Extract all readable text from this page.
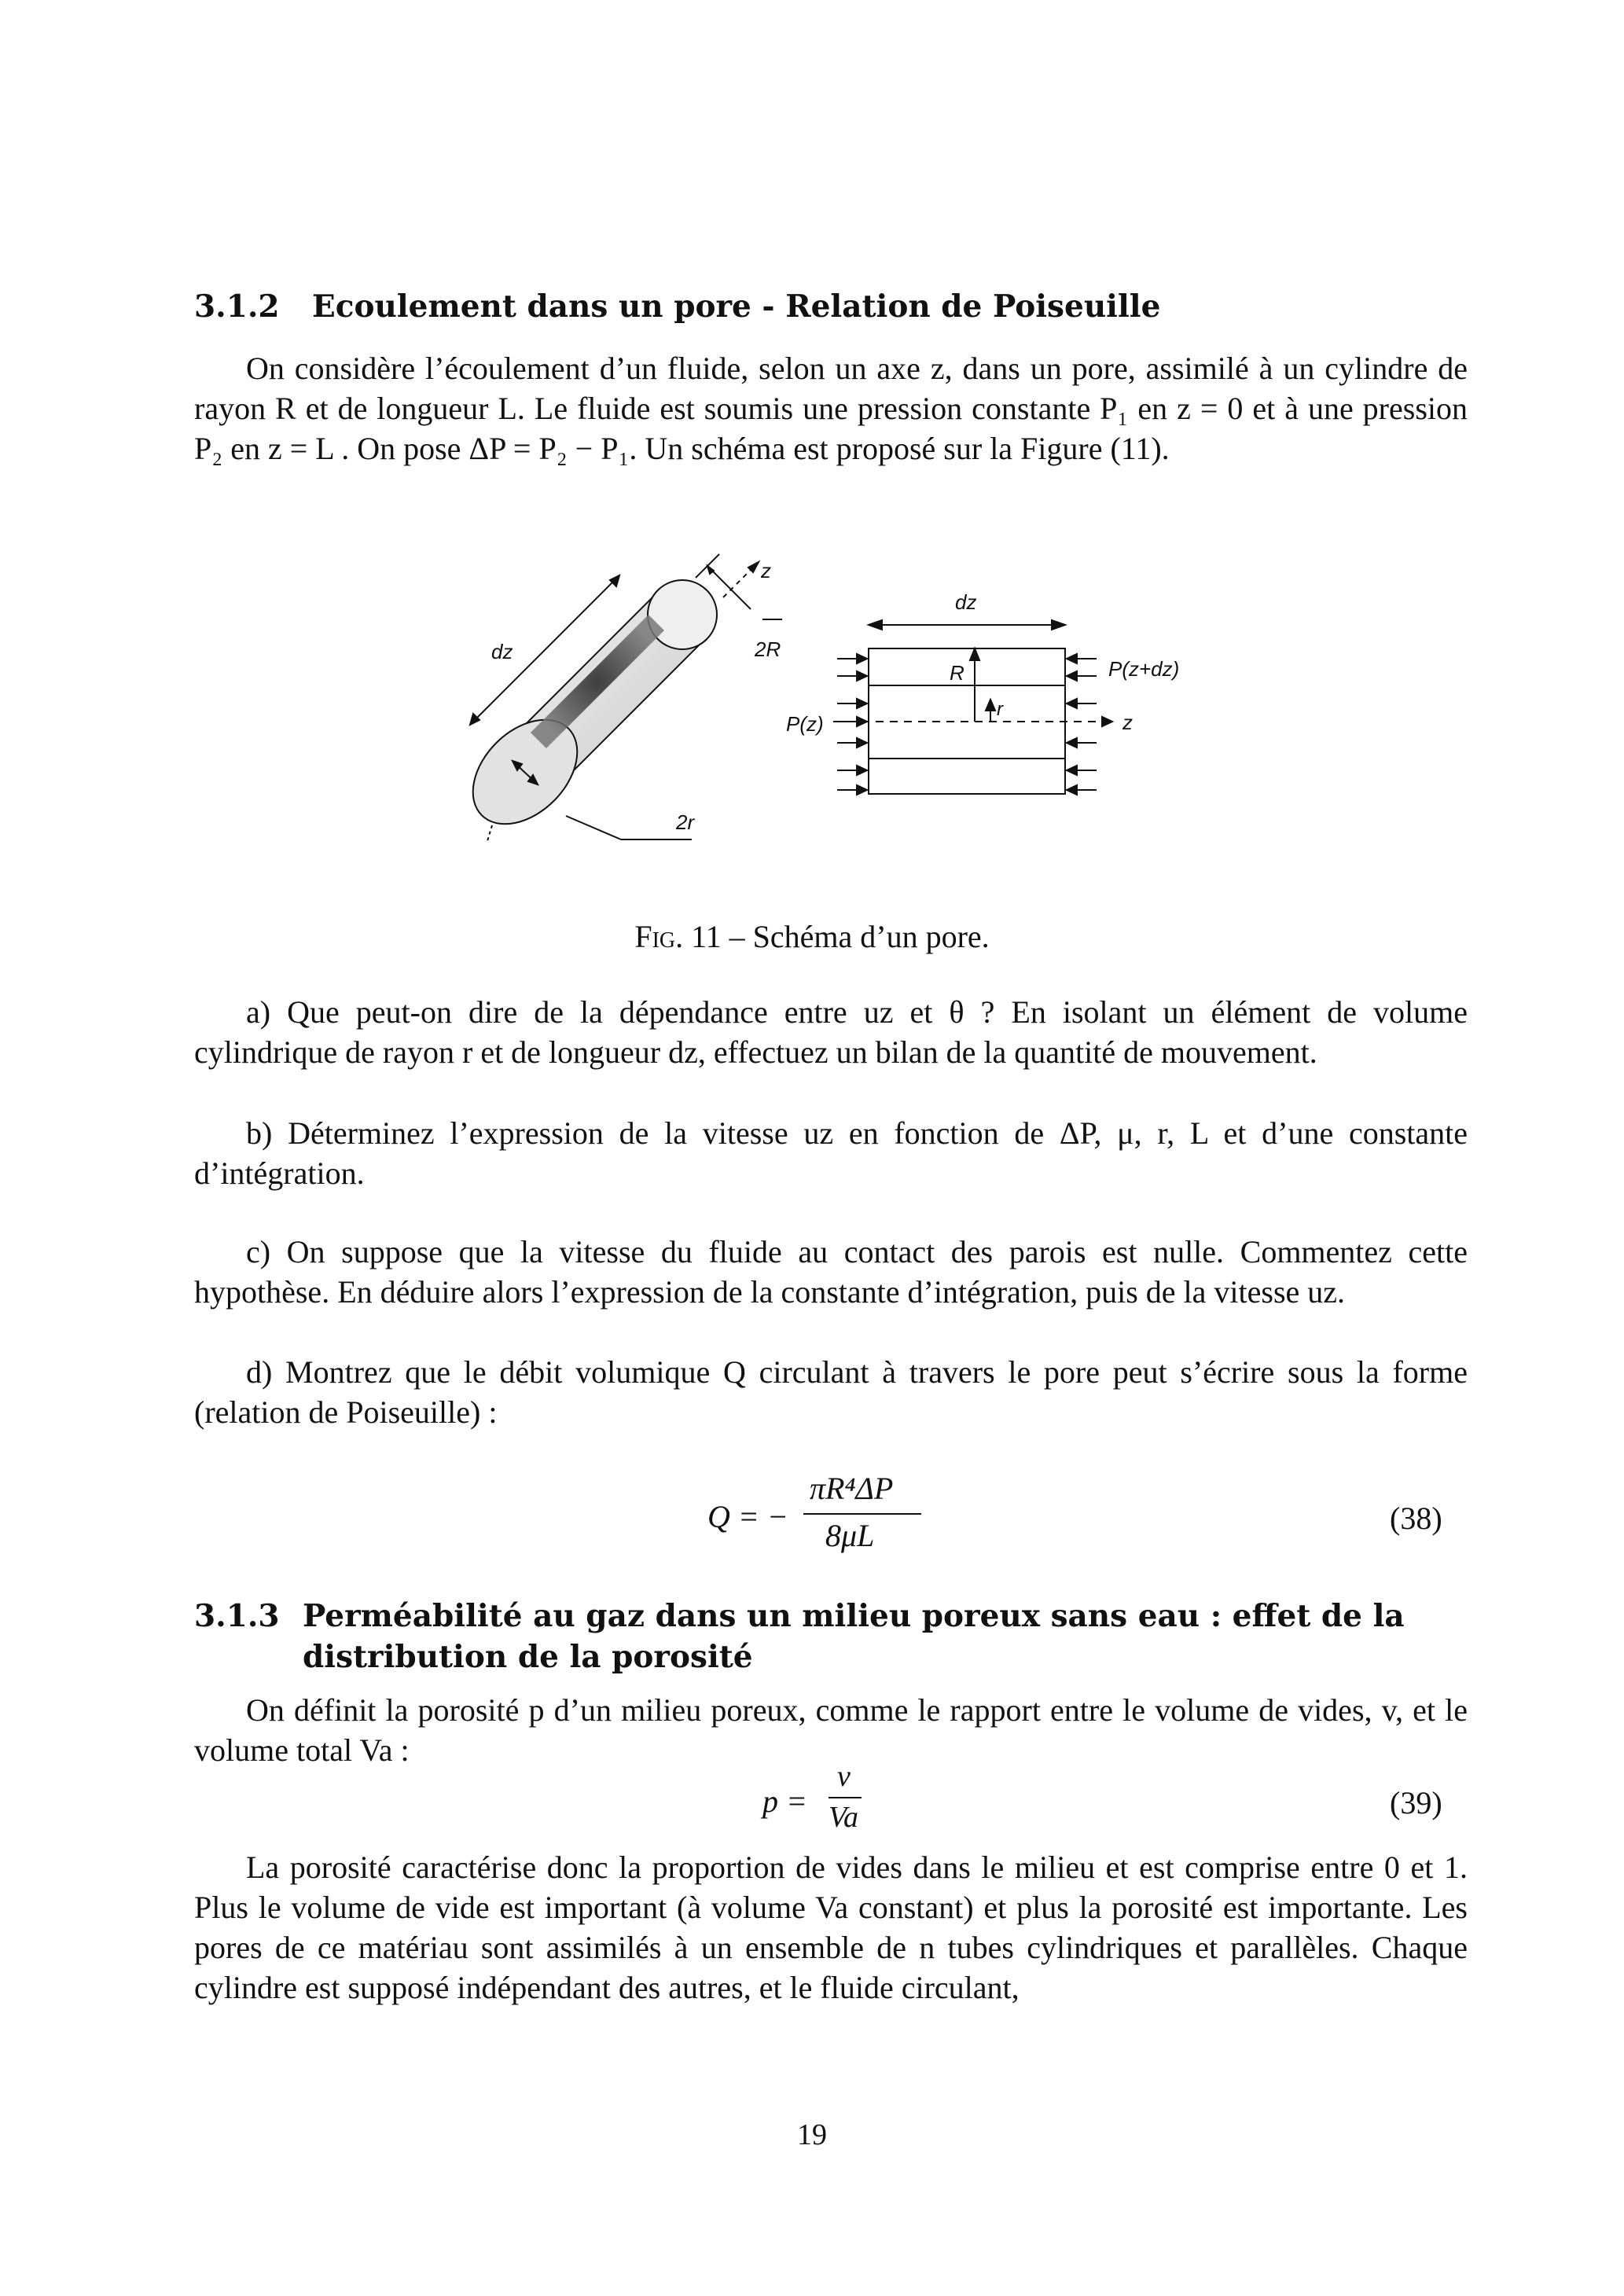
3.1.2 Ecoulement dans un pore - Relation de Poiseuille

On considère l’écoulement d’un fluide, selon un axe z, dans un pore, assimilé à un cylindre de rayon R et de longueur L. Le fluide est soumis une pression constante P₁ en z = 0 et à une pression P₂ en z = L . On pose ΔP = P₂ − P₁. Un schéma est proposé sur la Figure (11).

dz
z
2R
2r
dz
R
r
P(z)
P(z+dz)
z
Fig. 11 – Schéma d’un pore.

a) Que peut-on dire de la dépendance entre uz et θ ? En isolant un élément de volume cylindrique de rayon r et de longueur dz, effectuez un bilan de la quantité de mouvement.

b) Déterminez l’expression de la vitesse uz en fonction de ΔP, μ, r, L et d’une constante d’intégration.

c) On suppose que la vitesse du fluide au contact des parois est nulle. Commentez cette hypothèse. En déduire alors l’expression de la constante d’intégration, puis de la vitesse uz.

d) Montrez que le débit volumique Q circulant à travers le pore peut s’écrire sous la forme (relation de Poiseuille) :

Q = −
πR⁴ΔP
8μL	(38)
3.1.3 Perméabilité au gaz dans un milieu poreux sans eau : effet de la distribution de la porosité

On définit la porosité p d’un milieu poreux, comme le rapport entre le volume de vides, v, et le volume total Va :

p =
v
Va	(39)

La porosité caractérise donc la proportion de vides dans le milieu et est comprise entre 0 et 1. Plus le volume de vide est important (à volume Va constant) et plus la porosité est importante. Les pores de ce matériau sont assimilés à un ensemble de n tubes cylindriques et parallèles. Chaque cylindre est supposé indépendant des autres, et le fluide circulant,

19
